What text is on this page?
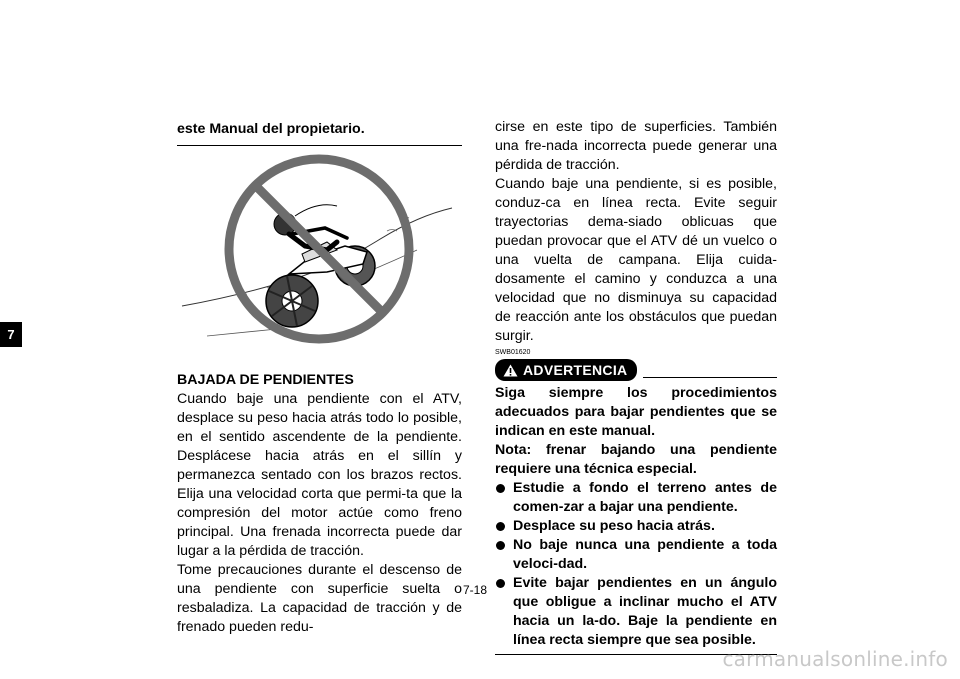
7

este Manual del propietario.

BAJADA DE PENDIENTES

Cuando baje una pendiente con el ATV, desplace su peso hacia atrás todo lo posible, en el sentido ascendente de la pendiente. Desplácese hacia atrás en el sillín y permanezca sentado con los brazos rectos. Elija una velocidad corta que permi-ta que la compresión del motor actúe como freno principal. Una frenada incorrecta puede dar lugar a la pérdida de tracción.

Tome precauciones durante el descenso de una pendiente con superficie suelta o resbaladiza. La capacidad de tracción y de frenado pueden redu-

cirse en este tipo de superficies. También una fre-nada incorrecta puede generar una pérdida de tracción.

Cuando baje una pendiente, si es posible, conduz-ca en línea recta. Evite seguir trayectorias dema-siado oblicuas que puedan provocar que el ATV dé un vuelco o una vuelta de campana. Elija cuida-dosamente el camino y conduzca a una velocidad que no disminuya su capacidad de reacción ante los obstáculos que puedan surgir.

SWB01620
ADVERTENCIA

Siga siempre los procedimientos adecuados para bajar pendientes que se indican en este manual.

Nota: frenar bajando una pendiente requiere una técnica especial.

Estudie a fondo el terreno antes de comen-zar a bajar una pendiente.
Desplace su peso hacia atrás.
No baje nunca una pendiente a toda veloci-dad.
Evite bajar pendientes en un ángulo que obligue a inclinar mucho el ATV hacia un la-do. Baje la pendiente en línea recta siempre que sea posible.
7-18
carmanualsonline.info
